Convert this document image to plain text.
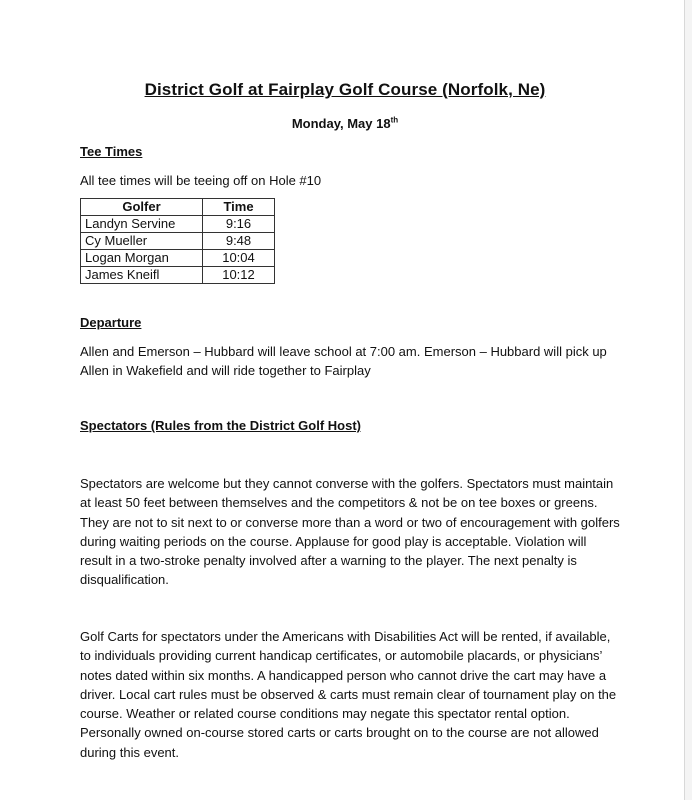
District Golf at Fairplay Golf Course (Norfolk, Ne)
Monday, May 18th
Tee Times
All tee times will be teeing off on Hole #10
Golfer	Time
Landyn Servine	9:16
Cy Mueller	9:48
Logan Morgan	10:04
James Kneifl	10:12
Departure
Allen and Emerson – Hubbard will leave school at 7:00 am. Emerson – Hubbard will pick up Allen in Wakefield and will ride together to Fairplay
Spectators (Rules from the District Golf Host)
Spectators are welcome but they cannot converse with the golfers. Spectators must maintain at least 50 feet between themselves and the competitors & not be on tee boxes or greens. They are not to sit next to or converse more than a word or two of encouragement with golfers during waiting periods on the course. Applause for good play is acceptable. Violation will result in a two-stroke penalty involved after a warning to the player. The next penalty is disqualification.
Golf Carts for spectators under the Americans with Disabilities Act will be rented, if available, to individuals providing current handicap certificates, or automobile placards, or physicians’ notes dated within six months. A handicapped person who cannot drive the cart may have a driver. Local cart rules must be observed & carts must remain clear of tournament play on the course. Weather or related course conditions may negate this spectator rental option. Personally owned on-course stored carts or carts brought on to the course are not allowed during this event.
